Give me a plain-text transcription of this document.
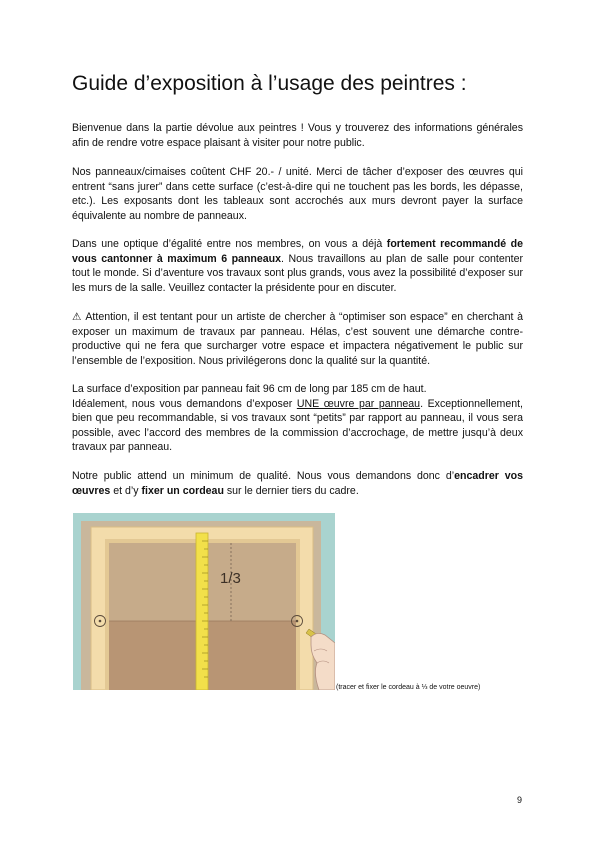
Guide d’exposition à l’usage des peintres :

Bienvenue dans la partie dévolue aux peintres ! Vous y trouverez des informations générales afin de rendre votre espace plaisant à visiter pour notre public.

Nos panneaux/cimaises coûtent CHF 20.- / unité. Merci de tâcher d’exposer des œuvres qui entrent “sans jurer” dans cette surface (c’est-à-dire qui ne touchent pas les bords, les dépasse, etc.). Les exposants dont les tableaux sont accrochés aux murs devront payer la surface équivalente au nombre de panneaux.

Dans une optique d’égalité entre nos membres, on vous a déjà fortement recommandé de vous cantonner à maximum 6 panneaux. Nous travaillons au plan de salle pour contenter tout le monde. Si d’aventure vos travaux sont plus grands, vous avez la possibilité d’exposer sur les murs de la salle. Veuillez contacter la présidente pour en discuter.

⚠ Attention, il est tentant pour un artiste de chercher à “optimiser son espace” en cherchant à exposer un maximum de travaux par panneau. Hélas, c’est souvent une démarche contre-productive qui ne fera que surcharger votre espace et impactera négativement le public sur l’ensemble de l’exposition. Nous privilégerons donc la qualité sur la quantité.

La surface d’exposition par panneau fait 96 cm de long par 185 cm de haut.
Idéalement, nous vous demandons d’exposer UNE œuvre par panneau. Exceptionnellement, bien que peu recommandable, si vos travaux sont “petits” par rapport au panneau, il vous sera possible, avec l’accord des membres de la commission d’accrochage, de mettre jusqu’à deux travaux par panneau.

Notre public attend un minimum de qualité. Nous vous demandons donc d’encadrer vos œuvres et d’y fixer un cordeau sur le dernier tiers du cadre.

1/3
(tracer et fixer le cordeau à ⅓ de votre oeuvre)
9
